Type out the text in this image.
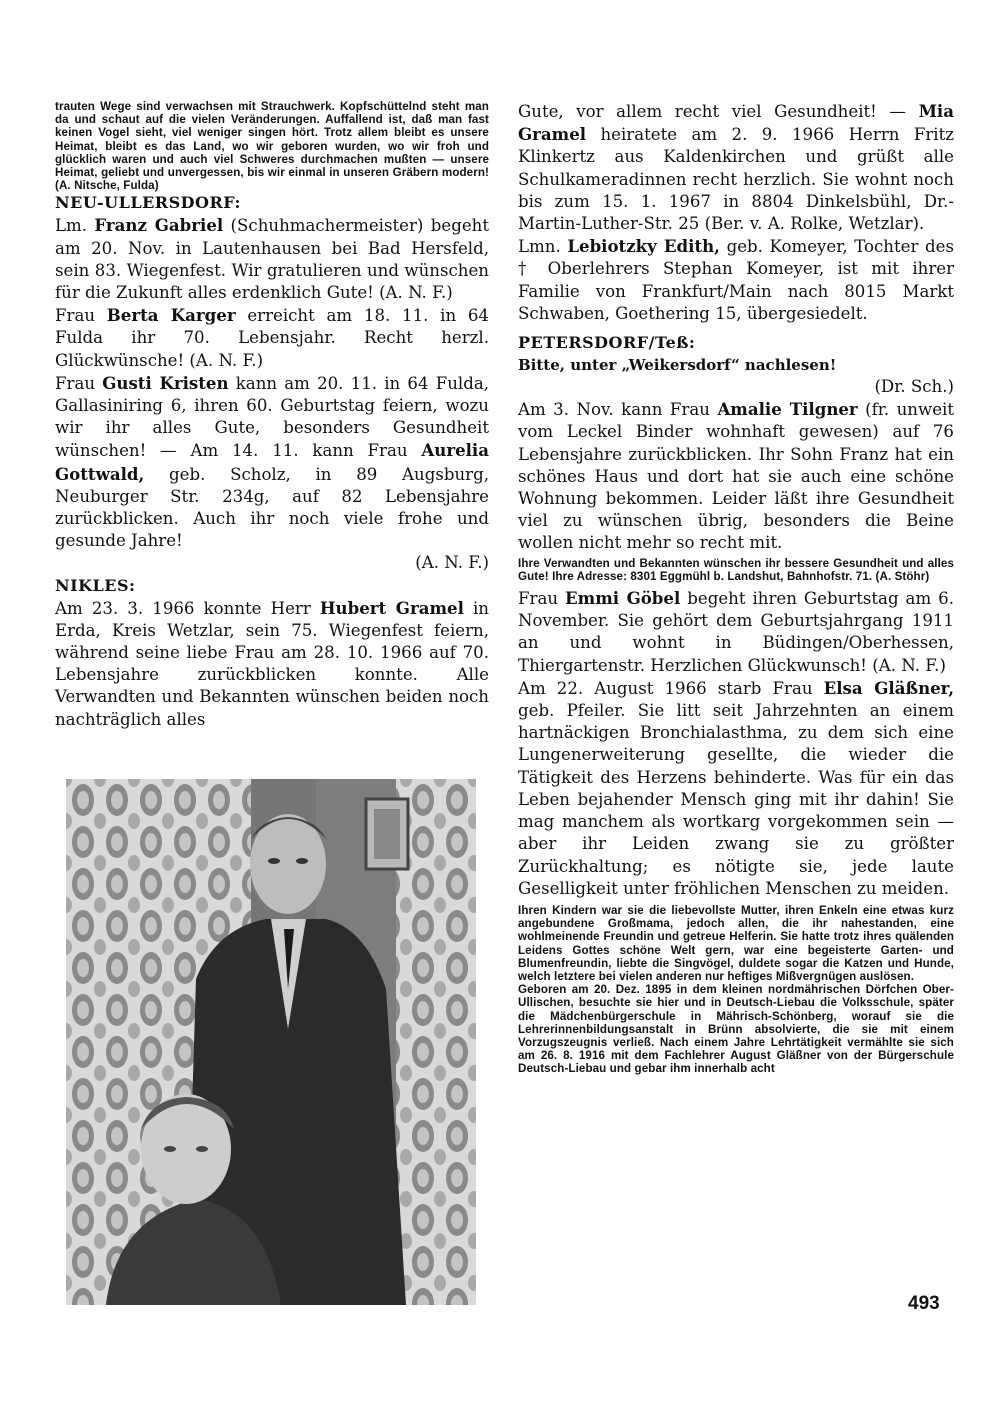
trauten Wege sind verwachsen mit Strauchwerk. Kopfschüttelnd steht man da und schaut auf die vielen Veränderungen. Auffallend ist, daß man fast keinen Vogel sieht, viel weniger singen hört. Trotz allem bleibt es unsere Heimat, bleibt es das Land, wo wir geboren wurden, wo wir froh und glücklich waren und auch viel Schweres durchmachen mußten — unsere Heimat, geliebt und unvergessen, bis wir einmal in unseren Gräbern modern! (A. Nitsche, Fulda)

NEU-ULLERSDORF:

Lm. Franz Gabriel (Schuhmachermeister) begeht am 20. Nov. in Lautenhausen bei Bad Hersfeld, sein 83. Wiegenfest. Wir gratulieren und wünschen für die Zukunft alles erdenklich Gute! (A. N. F.)

Frau Berta Karger erreicht am 18. 11. in 64 Fulda ihr 70. Lebensjahr. Recht herzl. Glückwünsche! (A. N. F.)

Frau Gusti Kristen kann am 20. 11. in 64 Fulda, Gallasiniring 6, ihren 60. Geburtstag feiern, wozu wir ihr alles Gute, besonders Gesundheit wünschen! — Am 14. 11. kann Frau Aurelia Gottwald, geb. Scholz, in 89 Augsburg, Neuburger Str. 234g, auf 82 Lebensjahre zurückblicken. Auch ihr noch viele frohe und gesunde Jahre!

(A. N. F.)

NIKLES:

Am 23. 3. 1966 konnte Herr Hubert Gramel in Erda, Kreis Wetzlar, sein 75. Wiegenfest feiern, während seine liebe Frau am 28. 10. 1966 auf 70. Lebensjahre zurückblicken konnte. Alle Verwandten und Bekannten wünschen beiden noch nachträglich alles

Gute, vor allem recht viel Gesundheit! — Mia Gramel heiratete am 2. 9. 1966 Herrn Fritz Klinkertz aus Kaldenkirchen und grüßt alle Schulkameradinnen recht herzlich. Sie wohnt noch bis zum 15. 1. 1967 in 8804 Dinkelsbühl, Dr.-Martin-Luther-Str. 25 (Ber. v. A. Rolke, Wetzlar).

Lmn. Lebiotzky Edith, geb. Komeyer, Tochter des † Oberlehrers Stephan Komeyer, ist mit ihrer Familie von Frankfurt/Main nach 8015 Markt Schwaben, Goethering 15, übergesiedelt.

PETERSDORF/Teß:

Bitte, unter „Weikersdorf“ nachlesen!

(Dr. Sch.)

Am 3. Nov. kann Frau Amalie Tilgner (fr. unweit vom Leckel Binder wohnhaft gewesen) auf 76 Lebensjahre zurückblicken. Ihr Sohn Franz hat ein schönes Haus und dort hat sie auch eine schöne Wohnung bekommen. Leider läßt ihre Gesundheit viel zu wünschen übrig, besonders die Beine wollen nicht mehr so recht mit.

Ihre Verwandten und Bekannten wünschen ihr bessere Gesundheit und alles Gute! Ihre Adresse: 8301 Eggmühl b. Landshut, Bahnhofstr. 71. (A. Stöhr)

Frau Emmi Göbel begeht ihren Geburtstag am 6. November. Sie gehört dem Geburtsjahrgang 1911 an und wohnt in Büdingen/Oberhessen, Thiergartenstr. Herzlichen Glückwunsch! (A. N. F.)

Am 22. August 1966 starb Frau Elsa Gläßner, geb. Pfeiler. Sie litt seit Jahrzehnten an einem hartnäckigen Bronchialasthma, zu dem sich eine Lungenerweiterung gesellte, die wieder die Tätigkeit des Herzens behinderte. Was für ein das Leben bejahender Mensch ging mit ihr dahin! Sie mag manchem als wortkarg vorgekommen sein — aber ihr Leiden zwang sie zu größter Zurückhaltung; es nötigte sie, jede laute Geselligkeit unter fröhlichen Menschen zu meiden.

Ihren Kindern war sie die liebevollste Mutter, ihren Enkeln eine etwas kurz angebundene Großmama, jedoch allen, die ihr nahestanden, eine wohlmeinende Freundin und getreue Helferin. Sie hatte trotz ihres quälenden Leidens Gottes schöne Welt gern, war eine begeisterte Garten- und Blumenfreundin, liebte die Singvögel, duldete sogar die Katzen und Hunde, welch letztere bei vielen anderen nur heftiges Mißvergnügen auslösen.

Geboren am 20. Dez. 1895 in dem kleinen nordmährischen Dörfchen Ober-Ullischen, besuchte sie hier und in Deutsch-Liebau die Volksschule, später die Mädchenbürgerschule in Mährisch-Schönberg, worauf sie die Lehrerinnenbildungsanstalt in Brünn absolvierte, die sie mit einem Vorzugszeugnis verließ. Nach einem Jahre Lehrtätigkeit vermählte sie sich am 26. 8. 1916 mit dem Fachlehrer August Gläßner von der Bürgerschule Deutsch-Liebau und gebar ihm innerhalb acht

493
